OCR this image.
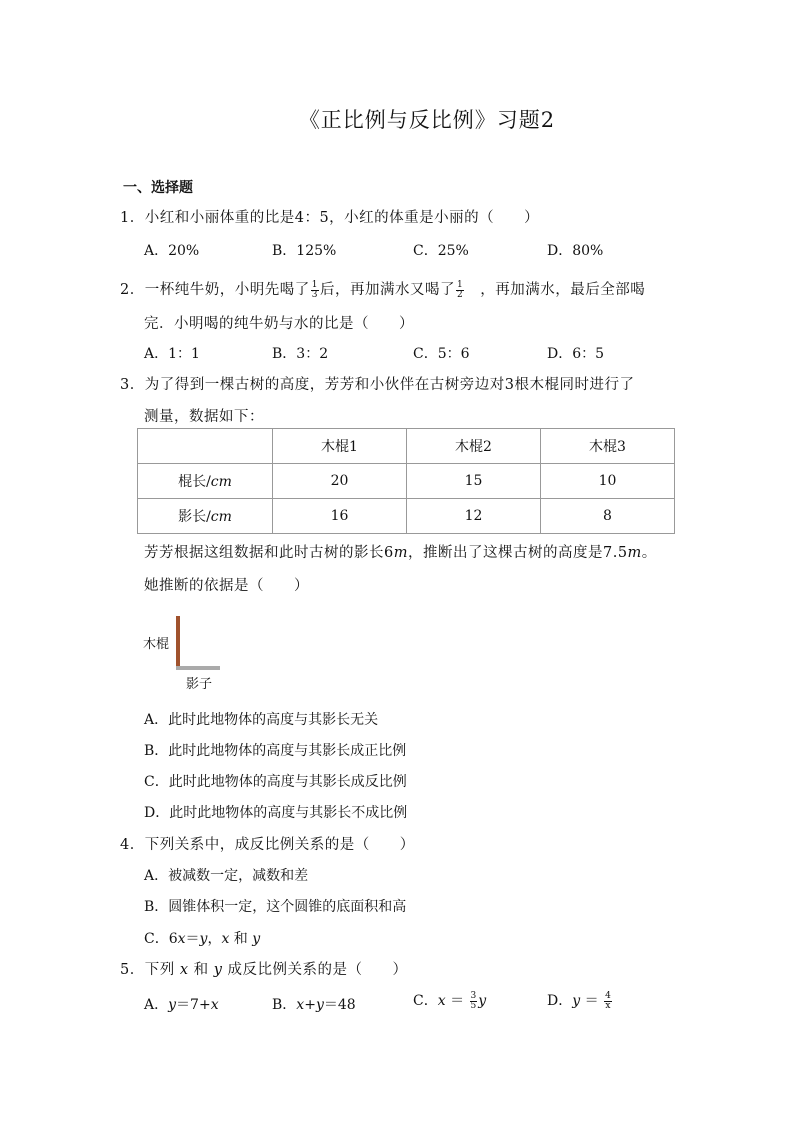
《正比例与反比例》习题2
一、选择题
1．小红和小丽体重的比是4：5，小红的体重是小丽的（　　）
A．20%	B．125%	C．25%	D．80%
2．一杯纯牛奶，小明先喝了 $\frac{1}{3}$ 后，再加满水又喝了 $\frac{1}{2}$ 　，再加满水，最后全部喝
完．小明喝的纯牛奶与水的比是（　　）
A．1：1	B．3：2	C．5：6	D．6：5
3．为了得到一棵古树的高度，芳芳和小伙伴在古树旁边对3根木棍同时进行了
测量，数据如下：
	木棍1	木棍2	木棍3
棍长/cm	20	15	10
影长/cm	16	12	8
芳芳根据这组数据和此时古树的影长6m，推断出了这棵古树的高度是7.5m。
她推断的依据是（　　）
木棍
影子
A．此时此地物体的高度与其影长无关
B．此时此地物体的高度与其影长成正比例
C．此时此地物体的高度与其影长成反比例
D．此时此地物体的高度与其影长不成比例
4．下列关系中，成反比例关系的是（　　）
A．被减数一定，减数和差
B．圆锥体积一定，这个圆锥的底面积和高
C．6x＝y，x 和 y
5．下列 x 和 y 成反比例关系的是（　　）
A．y＝7+x	B．x+y＝48	C．$x = \frac{3}{5}$ y	D．$y = \frac{4}{x}$
